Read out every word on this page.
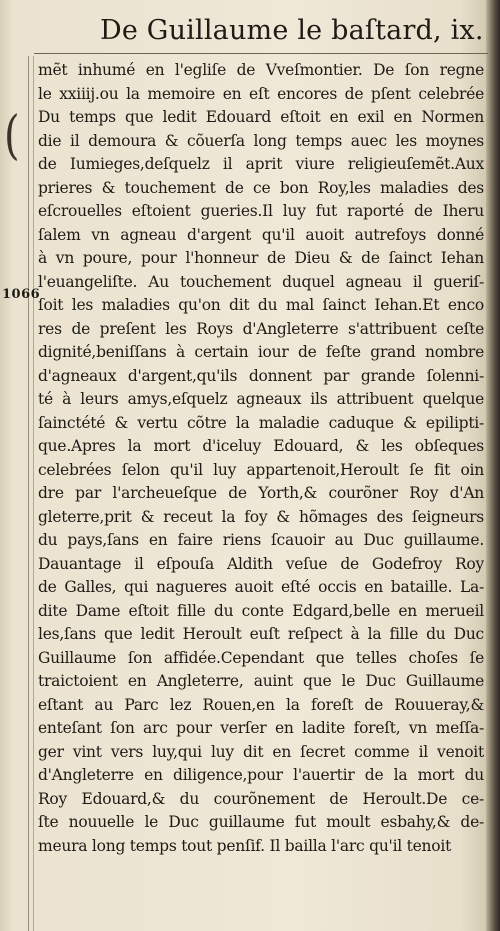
De Guillaume le baſtard, ix.
(
1066
mẽt inhumé en l'egliſe de Vveſmontier. De ſon regne
le xxiiij.ou la memoire en eſt encores de pſent celebrée
Du temps que ledit Edouard eſtoit en exil en Normen
die il demoura & cõuerſa long temps auec les moynes
de Iumieges,deſquelz il aprit viure religieuſemẽt.Aux
prieres & touchement de ce bon Roy,les maladies des
eſcrouelles eſtoient gueries.Il luy fut raporté de Iheru
ſalem vn agneau d'argent qu'il auoit autrefoys donné
à vn poure, pour l'honneur de Dieu & de ſainct Iehan
l'euangeliſte. Au touchement duquel agneau il gueriſ-
ſoit les maladies qu'on dit du mal ſainct Iehan.Et enco
res de preſent les Roys d'Angleterre s'attribuent ceſte
dignité,beniſſans à certain iour de feſte grand nombre
d'agneaux d'argent,qu'ils donnent par grande ſolenni-
té à leurs amys,eſquelz agneaux ils attribuent quelque
ſainctété & vertu cõtre la maladie caduque & epilipti-
que.Apres la mort d'iceluy Edouard, & les obſeques
celebrées ſelon qu'il luy appartenoit,Heroult ſe fit oin
dre par l'archeueſque de Yorth,& courõner Roy d'An
gleterre,prit & receut la foy & hõmages des ſeigneurs
du pays,ſans en faire riens ſcauoir au Duc guillaume.
Dauantage il eſpouſa Aldith veſue de Godefroy Roy
de Galles, qui nagueres auoit eſté occis en bataille. La-
dite Dame eſtoit fille du conte Edgard,belle en merueil
les,ſans que ledit Heroult euſt reſpect à la fille du Duc
Guillaume ſon affidée.Cependant que telles choſes ſe
traictoient en Angleterre, auint que le Duc Guillaume
eſtant au Parc lez Rouen,en la foreſt de Rouueray,&
enteſant ſon arc pour verſer en ladite foreſt, vn meſſa-
ger vint vers luy,qui luy dit en ſecret comme il venoit
d'Angleterre en diligence,pour l'auertir de la mort du
Roy Edouard,& du courõnement de Heroult.De ce-
ſte nouuelle le Duc guillaume fut moult esbahy,& de-
meura long temps tout penſif. Il bailla l'arc qu'il tenoit
